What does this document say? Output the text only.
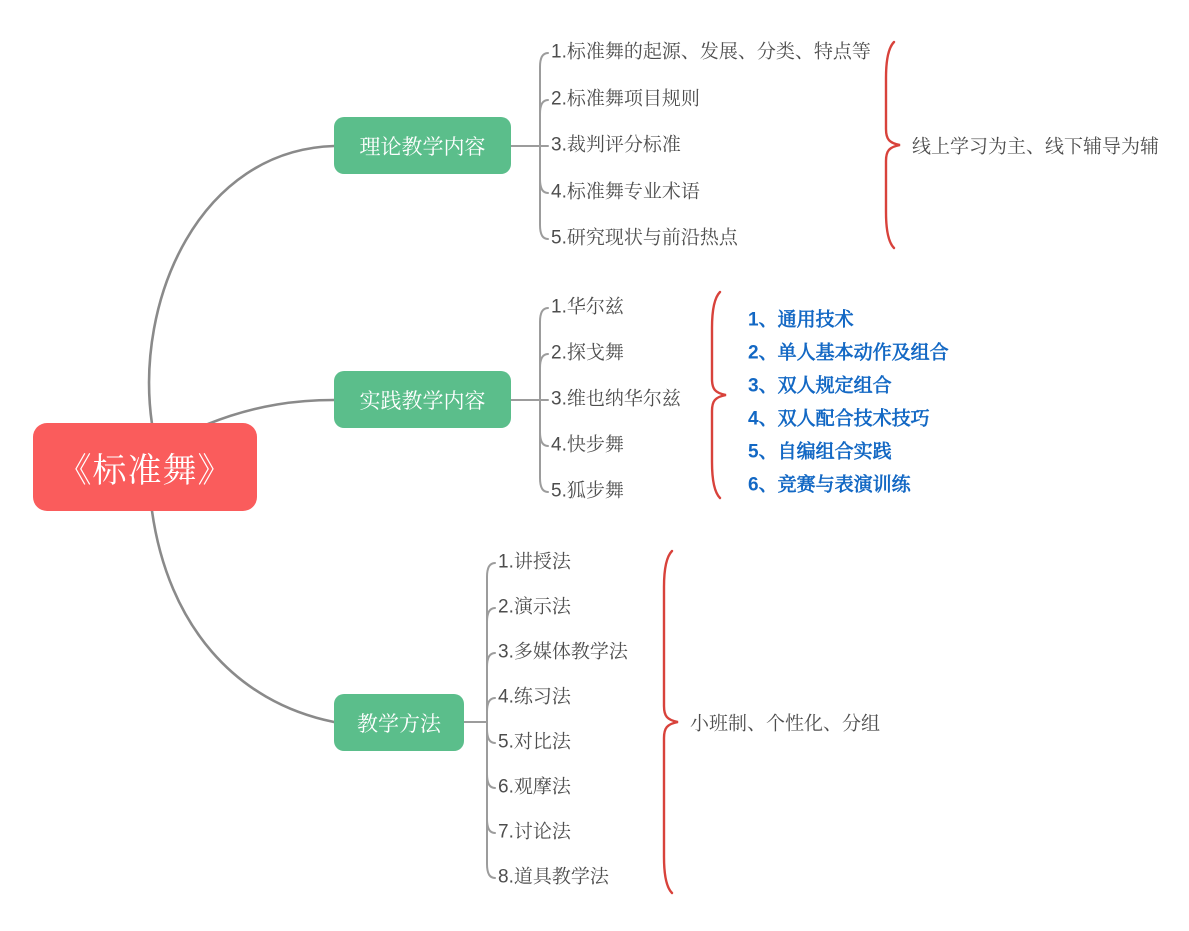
《标准舞》
理论教学内容
实践教学内容
教学方法
1.标准舞的起源、发展、分类、特点等
2.标准舞项目规则
3.裁判评分标准
4.标准舞专业术语
5.研究现状与前沿热点
1.华尔兹
2.探戈舞
3.维也纳华尔兹
4.快步舞
5.狐步舞
1.讲授法
2.演示法
3.多媒体教学法
4.练习法
5.对比法
6.观摩法
7.讨论法
8.道具教学法
线上学习为主、线下辅导为辅
1、通用技术
2、单人基本动作及组合
3、双人规定组合
4、双人配合技术技巧
5、自编组合实践
6、竞赛与表演训练
小班制、个性化、分组
